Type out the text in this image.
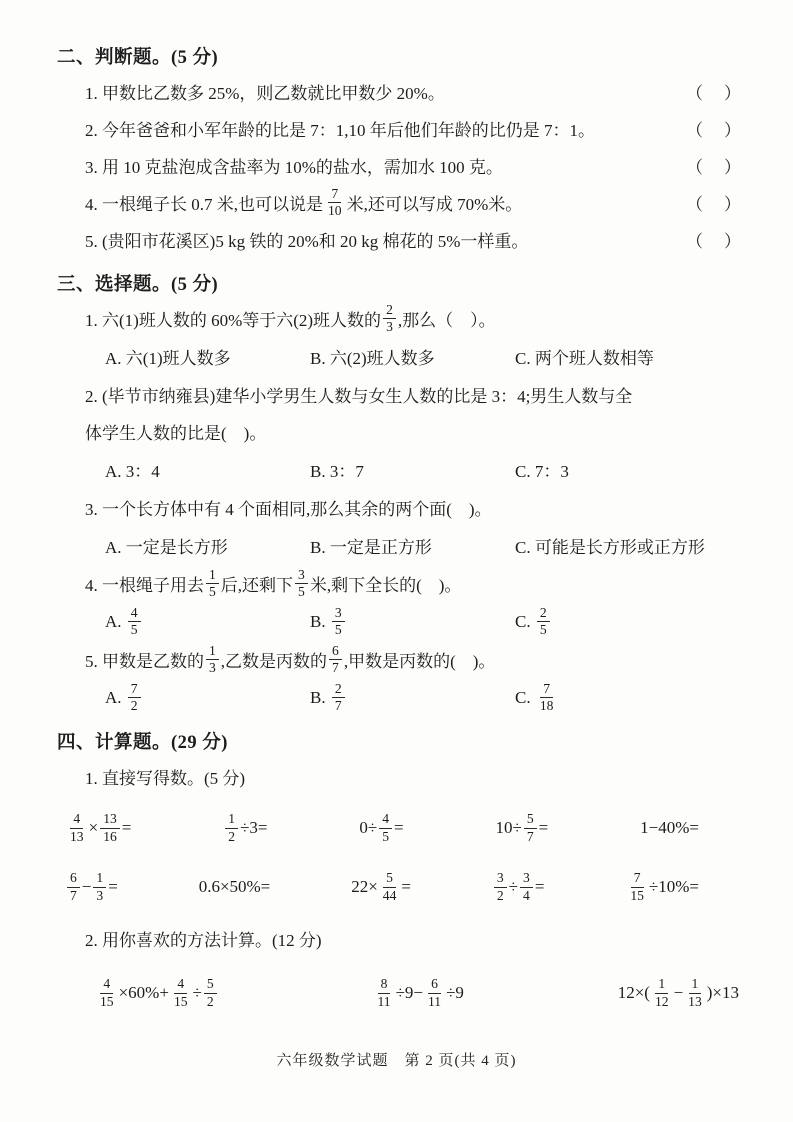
二、判断题。(5 分)
1. 甲数比乙数多 25%，则乙数就比甲数少 20%。	（　）
2. 今年爸爸和小军年龄的比是 7：1,10 年后他们年龄的比仍是 7：1。	（　）
3. 用 10 克盐泡成含盐率为 10%的盐水，需加水 100 克。	（　）
4. 一根绳子长 0.7 米,也可以说是 $\frac{7}{10}$ 米,还可以写成 70%米。	（　）
5. (贵阳市花溪区)5 kg 铁的 20%和 20 kg 棉花的 5%一样重。	（　）
三、选择题。(5 分)
1. 六(1)班人数的 60%等于六(2)班人数的 $\frac{2}{3}$ ,那么（　）。
A. 六(1)班人数多	B. 六(2)班人数多	C. 两个班人数相等
2. (毕节市纳雍县)建华小学男生人数与女生人数的比是 3：4;男生人数与全
体学生人数的比是(　)。
A. 3：4	B. 3：7	C. 7：3
3. 一个长方体中有 4 个面相同,那么其余的两个面(　)。
A. 一定是长方形	B. 一定是正方形	C. 可能是长方形或正方形
4. 一根绳子用去 $\frac{1}{5}$ 后,还剩下 $\frac{3}{5}$ 米,剩下全长的(　)。
A. $\frac{4}{5}$	B. $\frac{3}{5}$	C. $\frac{2}{5}$
5. 甲数是乙数的 $\frac{1}{3}$ ,乙数是丙数的 $\frac{6}{7}$ ,甲数是丙数的(　)。
A. $\frac{7}{2}$	B. $\frac{2}{7}$	C. $\frac{7}{18}$
四、计算题。(29 分)
1. 直接写得数。(5 分)
$\frac{4}{13} \times \frac{13}{16}$ =	$\frac{1}{2} \div 3=$	$0\div \frac{4}{5}$ =	$10\div \frac{5}{7}$ =	1−40%=
$\frac{6}{7} - \frac{1}{3}$ =	0.6×50%=	$22\times \frac{5}{44}$ =	$\frac{3}{2} \div \frac{3}{4}$ =	$\frac{7}{15} \div 10\%=$
2. 用你喜欢的方法计算。(12 分)
$\frac{4}{15} \times 60\%+ \frac{4}{15} \div \frac{5}{2}$	$\frac{8}{11} \div 9- \frac{6}{11} \div 9$	$12\times( \frac{1}{12} - \frac{1}{13} )\times 13$
六年级数学试题　第 2 页(共 4 页)
